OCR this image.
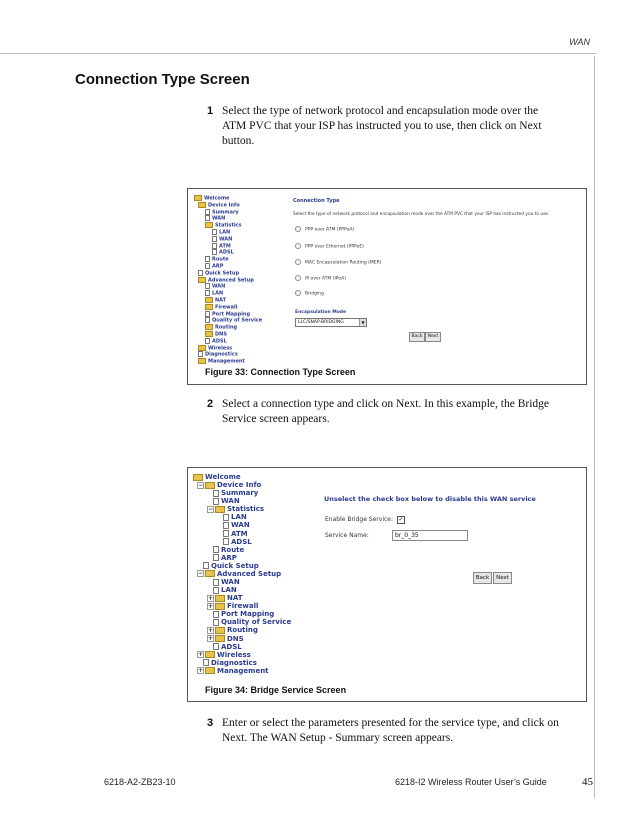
WAN
Connection Type Screen
1 Select the type of network protocol and encapsulation mode over the
ATM PVC that your ISP has instructed you to use, then click on Next
button.
Welcome
Device Info
Summary
WAN
Statistics
LAN
WAN
ATM
ADSL
Route
ARP
Quick Setup
Advanced Setup
WAN
LAN
NAT
Firewall
Port Mapping
Quality of Service
Routing
DNS
ADSL
Wireless
Diagnostics
Management
Connection Type
Select the type of network protocol and encapsulation mode over the ATM PVC that your ISP has instructed you to use.
PPP over ATM (PPPoA)
PPP over Ethernet (PPPoE)
MAC Encapsulation Routing (MER)
IP over ATM (IPoA)
Bridging
Encapsulation Mode
LLC/SNAP-BRIDGING	▼
Back	Next
Figure 33: Connection Type Screen
2 Select a connection type and click on Next. In this example, the Bridge
Service screen appears.
Welcome
− Device Info
Summary
WAN
− Statistics
LAN
WAN
ATM
ADSL
Route
ARP
Quick Setup
− Advanced Setup
WAN
LAN
+ NAT
+ Firewall
Port Mapping
Quality of Service
+ Routing
+ DNS
ADSL
+ Wireless
Diagnostics
+ Management
Unselect the check box below to disable this WAN service
Enable Bridge Service: ✓
Service Name:	br_0_35
Back	Next
Figure 34: Bridge Service Screen
3 Enter or select the parameters presented for the service type, and click on
Next. The WAN Setup - Summary screen appears.
6218-A2-ZB23-10	6218-I2 Wireless Router User’s Guide	45
